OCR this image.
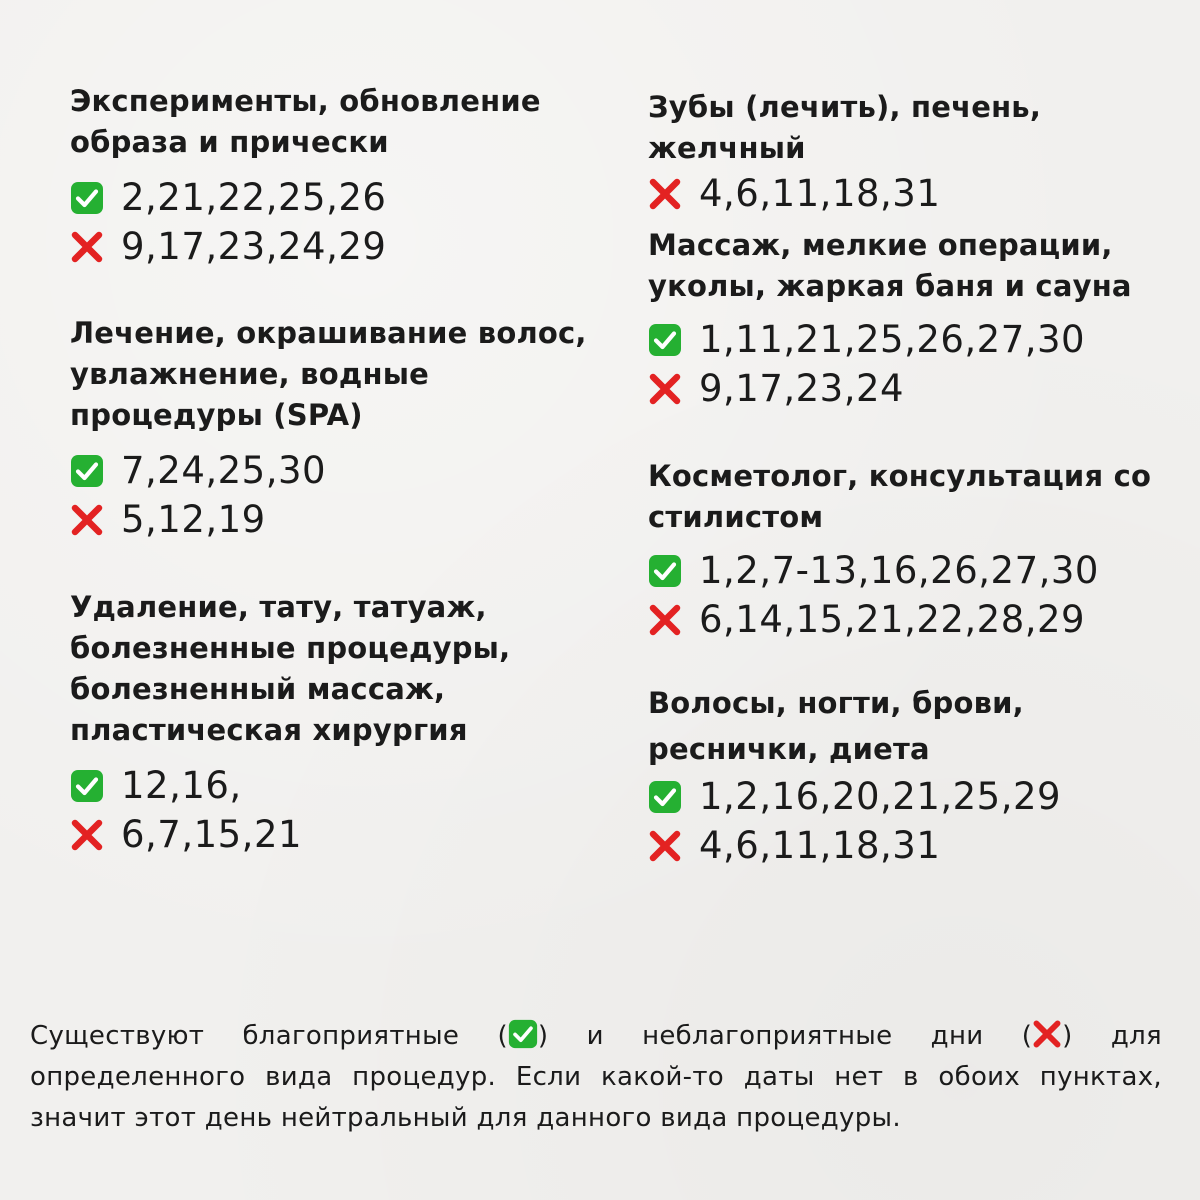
Эксперименты, обновление образа и прически

2,21,22,25,26
9,17,23,24,29

Лечение, окрашивание волос, увлажнение, водные процедуры (SPA)

7,24,25,30
5,12,19

Удаление, тату, татуаж, болезненные процедуры, болезненный массаж, пластическая хирургия

12,16,
6,7,15,21

Зубы (лечить), печень, желчный

4,6,11,18,31

Массаж, мелкие операции, уколы, жаркая баня и сауна

1,11,21,25,26,27,30
9,17,23,24

Косметолог, консультация со стилистом

1,2,7-13,16,26,27,30
6,14,15,21,22,28,29

Волосы, ногти, брови, реснички, диета

1,2,16,20,21,25,29
4,6,11,18,31

Существуют благоприятные ( ) и неблагоприятные дни ( ) для

определенного вида процедур. Если какой-то даты нет в обоих пунктах,

значит этот день нейтральный для данного вида процедуры.
